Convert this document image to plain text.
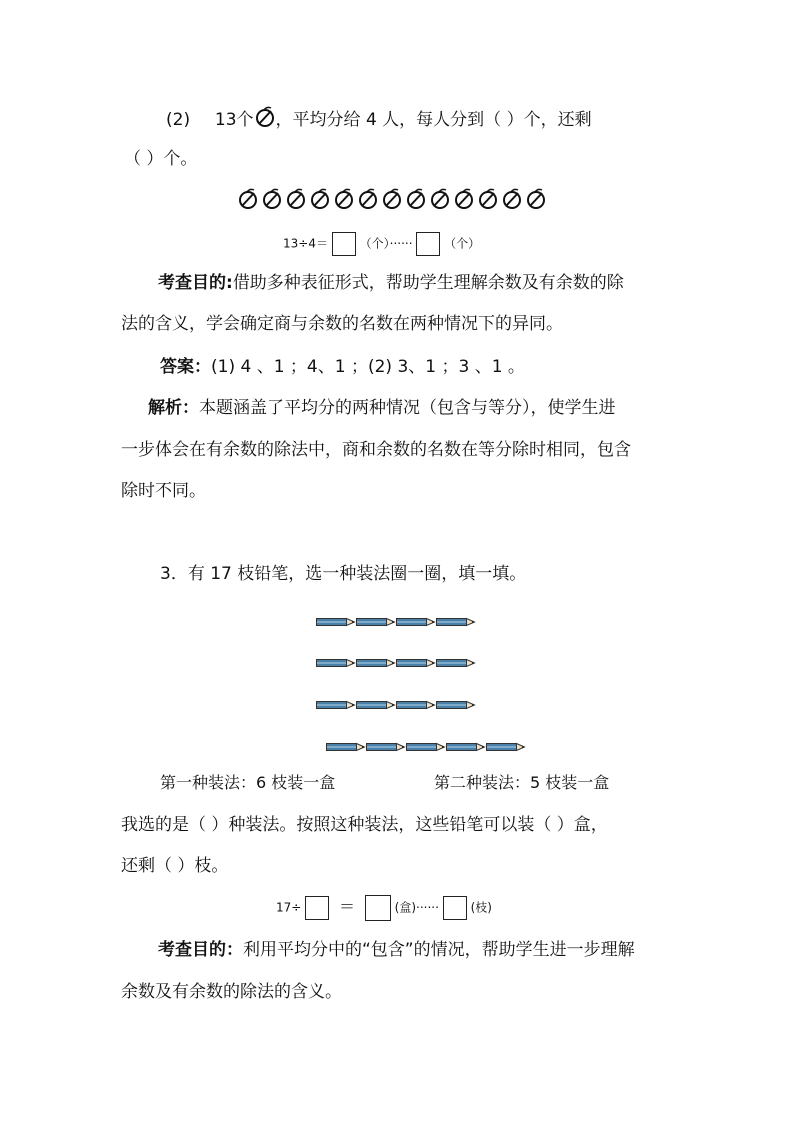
(2) 13个 ，平均分给 4 人，每人分到（ ）个，还剩
（ ）个。
13÷4＝	（个）······	（个）
考查目的:借助多种表征形式，帮助学生理解余数及有余数的除
法的含义，学会确定商与余数的名数在两种情况下的异同。
答案：(1) 4 、1 ；4、1 ；(2) 3、1 ；3 、1 。
解析：本题涵盖了平均分的两种情况（包含与等分），使学生进
一步体会在有余数的除法中，商和余数的名数在等分除时相同，包含
除时不同。
3．有 17 枝铅笔，选一种装法圈一圈，填一填。
第一种装法：6 枝装一盒	第二种装法：5 枝装一盒
我选的是（ ）种装法。按照这种装法，这些铅笔可以装（ ）盒，
还剩（ ）枝。
17÷ ＝	(盒)······	(枝)
考查目的：利用平均分中的“包含”的情况，帮助学生进一步理解
余数及有余数的除法的含义。
